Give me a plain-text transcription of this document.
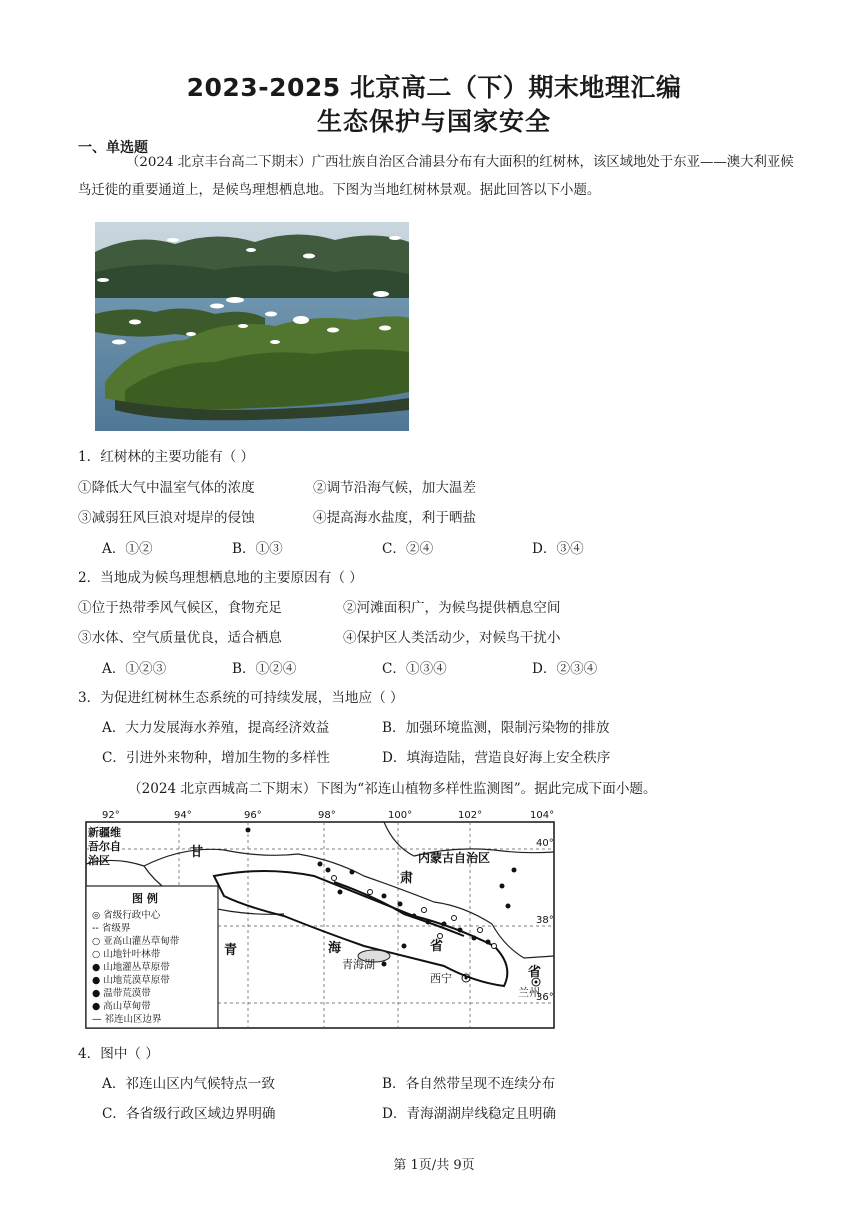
2023-2025 北京高二（下）期末地理汇编
生态保护与国家安全
一、单选题
（2024 北京丰台高二下期末）广西壮族自治区合浦县分布有大面积的红树林，该区域地处于东亚——澳大利亚候鸟迁徙的重要通道上，是候鸟理想栖息地。下图为当地红树林景观。据此回答以下小题。
1．红树林的主要功能有（ ）
①降低大气中温室气体的浓度	②调节沿海气候，加大温差
③减弱狂风巨浪对堤岸的侵蚀	④提高海水盐度，利于晒盐
A．①②	B．①③	C．②④	D．③④
2．当地成为候鸟理想栖息地的主要原因有（ ）
①位于热带季风气候区，食物充足	②河滩面积广，为候鸟提供栖息空间
③水体、空气质量优良，适合栖息	④保护区人类活动少，对候鸟干扰小
A．①②③	B．①②④	C．①③④	D．②③④
3．为促进红树林生态系统的可持续发展，当地应（ ）
A．大力发展海水养殖，提高经济效益	B．加强环境监测，限制污染物的排放
C．引进外来物种，增加生物的多样性	D．填海造陆，营造良好海上安全秩序
（2024 北京西城高二下期末）下图为“祁连山植物多样性监测图”。据此完成下面小题。
92°	94°	96°	98°	100°	102°	104°
40°
38°
36°
新疆维
吾尔自
治区
甘
肃
内蒙古自治区
青	海	省
省
青海湖
西宁
兰州
图 例
◎ 省级行政中心
-- 省级界
○ 亚高山灌丛草甸带
○ 山地针叶林带
● 山地灌丛草原带
● 山地荒漠草原带
● 温带荒漠带
● 高山草甸带
— 祁连山区边界
4．图中（ ）
A．祁连山区内气候特点一致	B．各自然带呈现不连续分布
C．各省级行政区域边界明确	D．青海湖湖岸线稳定且明确
第 1页/共 9页
